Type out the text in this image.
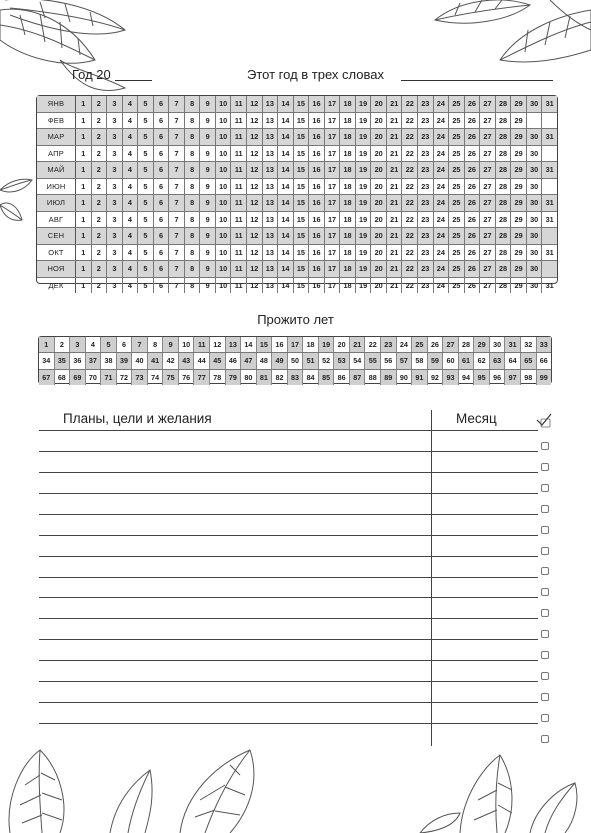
Год 20	Этот год в трех словах
ЯНВ	1	2	3	4	5	6	7	8	9	10	11	12	13	14	15	16	17	18	19	20	21	22	23	24	25	26	27	28	29	30	31
ФЕВ	1	2	3	4	5	6	7	8	9	10	11	12	13	14	15	16	17	18	19	20	21	22	23	24	25	26	27	28	29
МАР	1	2	3	4	5	6	7	8	9	10	11	12	13	14	15	16	17	18	19	20	21	22	23	24	25	26	27	28	29	30	31
АПР	1	2	3	4	5	6	7	8	9	10	11	12	13	14	15	16	17	18	19	20	21	22	23	24	25	26	27	28	29	30
МАЙ	1	2	3	4	5	6	7	8	9	10	11	12	13	14	15	16	17	18	19	20	21	22	23	24	25	26	27	28	29	30	31
ИЮН	1	2	3	4	5	6	7	8	9	10	11	12	13	14	15	16	17	18	19	20	21	22	23	24	25	26	27	28	29	30
ИЮЛ	1	2	3	4	5	6	7	8	9	10	11	12	13	14	15	16	17	18	19	20	21	22	23	24	25	26	27	28	29	30	31
АВГ	1	2	3	4	5	6	7	8	9	10	11	12	13	14	15	16	17	18	19	20	21	22	23	24	25	26	27	28	29	30	31
СЕН	1	2	3	4	5	6	7	8	9	10	11	12	13	14	15	16	17	18	19	20	21	22	23	24	25	26	27	28	29	30
ОКТ	1	2	3	4	5	6	7	8	9	10	11	12	13	14	15	16	17	18	19	20	21	22	23	24	25	26	27	28	29	30	31
НОЯ	1	2	3	4	5	6	7	8	9	10	11	12	13	14	15	16	17	18	19	20	21	22	23	24	25	26	27	28	29	30
ДЕК	1	2	3	4	5	6	7	8	9	10	11	12	13	14	15	16	17	18	19	20	21	22	23	24	25	26	27	28	29	30	31
Прожито лет
1	2	3	4	5	6	7	8	9	10	11	12	13	14	15	16	17	18	19	20	21	22	23	24	25	26	27	28	29	30	31	32	33
34	35	36	37	38	39	40	41	42	43	44	45	46	47	48	49	50	51	52	53	54	55	56	57	58	59	60	61	62	63	64	65	66
67	68	69	70	71	72	73	74	75	76	77	78	79	80	81	82	83	84	85	86	87	88	89	90	91	92	93	94	95	96	97	98	99
Планы, цели и желания	Месяц
